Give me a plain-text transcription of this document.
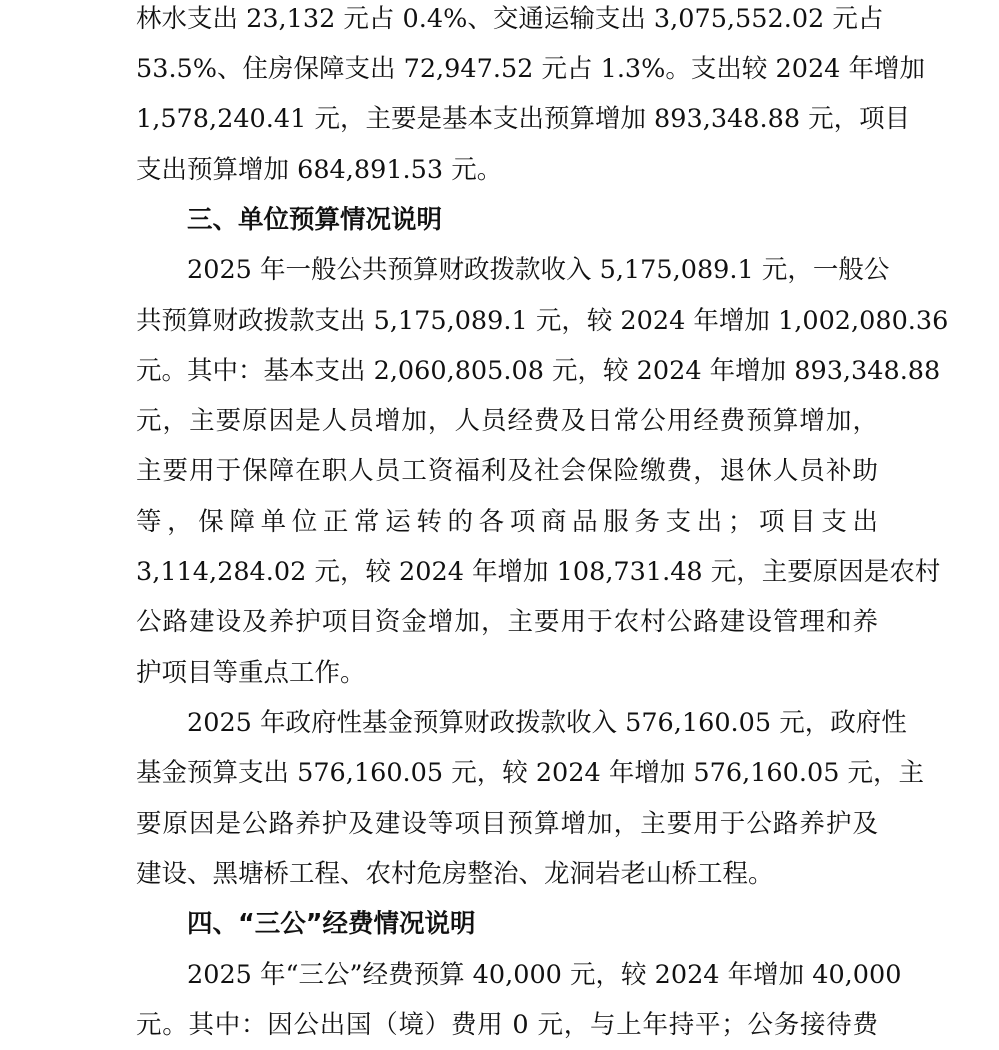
林水支出 23,132 元占 0.4%、交通运输支出 3,075,552.02 元占
53.5%、住房保障支出 72,947.52 元占 1.3%。支出较 2024 年增加
1,578,240.41 元，主要是基本支出预算增加 893,348.88 元，项目
支出预算增加 684,891.53 元。
三、单位预算情况说明
2025 年一般公共预算财政拨款收入 5,175,089.1 元，一般公
共预算财政拨款支出 5,175,089.1 元，较 2024 年增加 1,002,080.36
元。其中：基本支出 2,060,805.08 元，较 2024 年增加 893,348.88
元，主要原因是人员增加，人员经费及日常公用经费预算增加，
主要用于保障在职人员工资福利及社会保险缴费，退休人员补助
等，保障单位正常运转的各项商品服务支出；项目支出
3,114,284.02 元，较 2024 年增加 108,731.48 元，主要原因是农村
公路建设及养护项目资金增加，主要用于农村公路建设管理和养
护项目等重点工作。
2025 年政府性基金预算财政拨款收入 576,160.05 元，政府性
基金预算支出 576,160.05 元，较 2024 年增加 576,160.05 元，主
要原因是公路养护及建设等项目预算增加，主要用于公路养护及
建设、黑塘桥工程、农村危房整治、龙洞岩老山桥工程。
四、“三公”经费情况说明
2025 年“三公”经费预算 40,000 元，较 2024 年增加 40,000
元。其中：因公出国（境）费用 0 元，与上年持平；公务接待费
